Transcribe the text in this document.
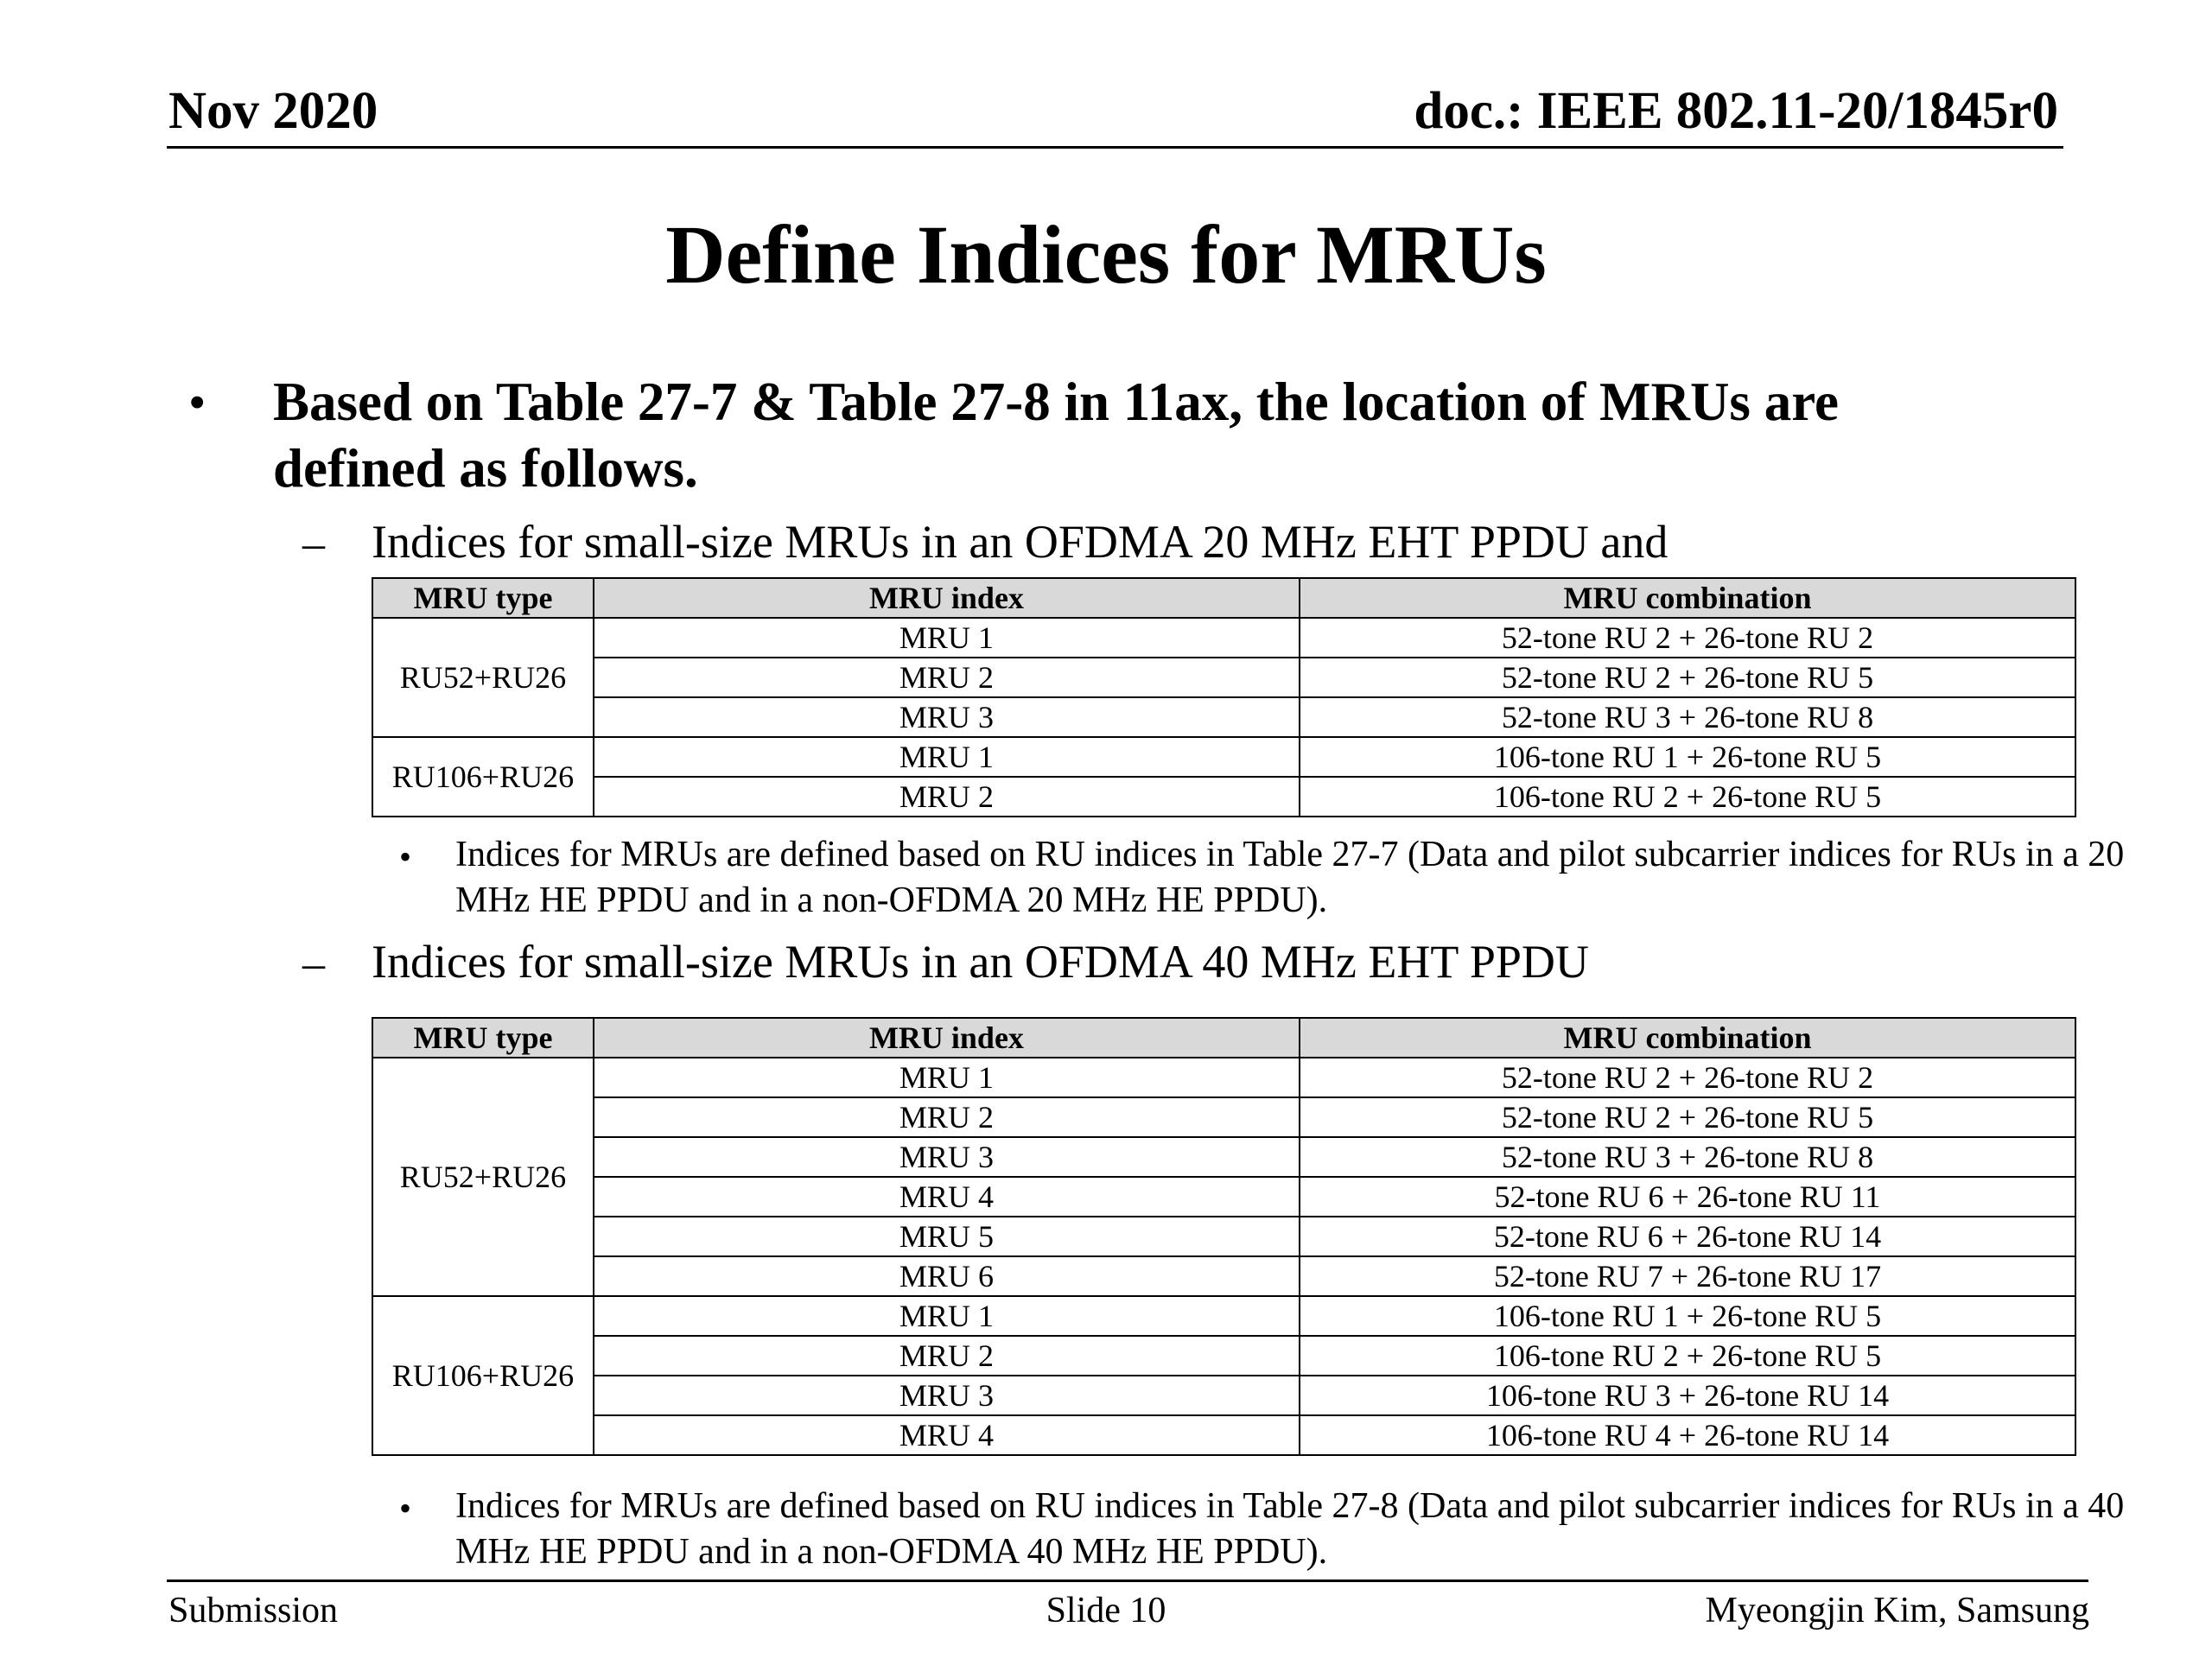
Nov 2020	doc.: IEEE 802.11-20/1845r0
Define Indices for MRUs
• Based on Table 27-7 & Table 27-8 in 11ax, the location of MRUs are defined as follows.
– Indices for small-size MRUs in an OFDMA 20 MHz EHT PPDU and
MRU type	MRU index	MRU combination
RU52+RU26	MRU 1	52-tone RU 2 + 26-tone RU 2
	MRU 2	52-tone RU 2 + 26-tone RU 5
	MRU 3	52-tone RU 3 + 26-tone RU 8
RU106+RU26	MRU 1	106-tone RU 1 + 26-tone RU 5
	MRU 2	106-tone RU 2 + 26-tone RU 5
• Indices for MRUs are defined based on RU indices in Table 27-7 (Data and pilot subcarrier indices for RUs in a 20 MHz HE PPDU and in a non-OFDMA 20 MHz HE PPDU).
– Indices for small-size MRUs in an OFDMA 40 MHz EHT PPDU
MRU type	MRU index	MRU combination
RU52+RU26	MRU 1	52-tone RU 2 + 26-tone RU 2
	MRU 2	52-tone RU 2 + 26-tone RU 5
	MRU 3	52-tone RU 3 + 26-tone RU 8
	MRU 4	52-tone RU 6 + 26-tone RU 11
	MRU 5	52-tone RU 6 + 26-tone RU 14
	MRU 6	52-tone RU 7 + 26-tone RU 17
RU106+RU26	MRU 1	106-tone RU 1 + 26-tone RU 5
	MRU 2	106-tone RU 2 + 26-tone RU 5
	MRU 3	106-tone RU 3 + 26-tone RU 14
	MRU 4	106-tone RU 4 + 26-tone RU 14
• Indices for MRUs are defined based on RU indices in Table 27-8 (Data and pilot subcarrier indices for RUs in a 40 MHz HE PPDU and in a non-OFDMA 40 MHz HE PPDU).
Submission	Slide 10	Myeongjin Kim, Samsung
